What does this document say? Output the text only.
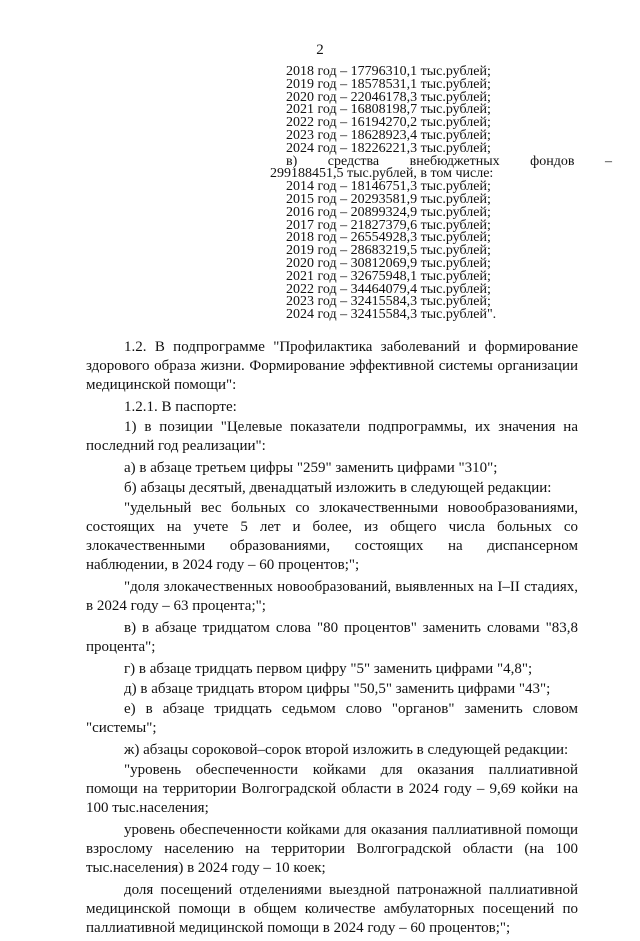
2
2018 год – 17796310,1 тыс.рублей;
2019 год – 18578531,1 тыс.рублей;
2020 год – 22046178,3 тыс.рублей;
2021 год – 16808198,7 тыс.рублей;
2022 год – 16194270,2 тыс.рублей;
2023 год – 18628923,4 тыс.рублей;
2024 год – 18226221,3 тыс.рублей;
в) средства внебюджетных фондов –
299188451,5 тыс.рублей, в том числе:
2014 год – 18146751,3 тыс.рублей;
2015 год – 20293581,9 тыс.рублей;
2016 год – 20899324,9 тыс.рублей;
2017 год – 21827379,6 тыс.рублей;
2018 год – 26554928,3 тыс.рублей;
2019 год – 28683219,5 тыс.рублей;
2020 год – 30812069,9 тыс.рублей;
2021 год – 32675948,1 тыс.рублей;
2022 год – 34464079,4 тыс.рублей;
2023 год – 32415584,3 тыс.рублей;
2024 год – 32415584,3 тыс.рублей".

1.2. В подпрограмме "Профилактика заболеваний и формирование здорового образа жизни. Формирование эффективной системы организации медицинской помощи":

1.2.1. В паспорте:

1) в позиции "Целевые показатели подпрограммы, их значения на последний год реализации":

а) в абзаце третьем цифры "259" заменить цифрами "310";

б) абзацы десятый, двенадцатый изложить в следующей редакции:

"удельный вес больных со злокачественными новообразованиями, состоящих на учете 5 лет и более, из общего числа больных со злокачественными образованиями, состоящих на диспансерном наблюдении, в 2024 году – 60 процентов;";

"доля злокачественных новообразований, выявленных на I–II стадиях, в 2024 году – 63 процента;";

в) в абзаце тридцатом слова "80 процентов" заменить словами "83,8 процента";

г) в абзаце тридцать первом цифру "5" заменить цифрами "4,8";

д) в абзаце тридцать втором цифры "50,5" заменить цифрами "43";

е) в абзаце тридцать седьмом слово "органов" заменить словом "системы";

ж) абзацы сороковой–сорок второй изложить в следующей редакции:

"уровень обеспеченности койками для оказания паллиативной помощи на территории Волгоградской области в 2024 году – 9,69 койки на 100 тыс.населения;

уровень обеспеченности койками для оказания паллиативной помощи взрослому населению на территории Волгоградской области (на 100 тыс.населения) в 2024 году – 10 коек;

доля посещений отделениями выездной патронажной паллиативной медицинской помощи в общем количестве амбулаторных посещений по паллиативной медицинской помощи в 2024 году – 60 процентов;";
